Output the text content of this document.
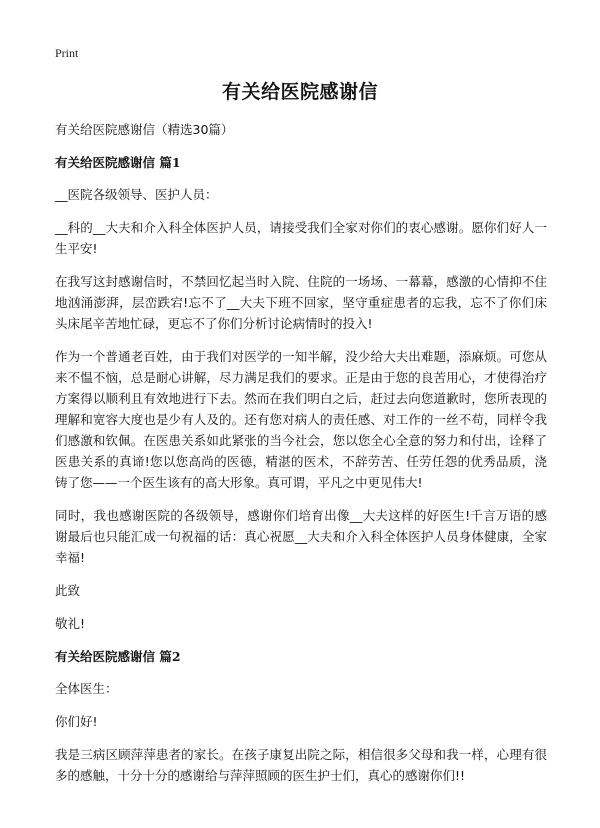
Print
有关给医院感谢信

有关给医院感谢信（精选30篇）

有关给医院感谢信 篇1

__医院各级领导、医护人员：

__科的__大夫和介入科全体医护人员，请接受我们全家对你们的衷心感谢。愿你们好人一生平安!

在我写这封感谢信时，不禁回忆起当时入院、住院的一场场、一幕幕，感激的心情抑不住地汹涌澎湃，层峦跌宕!忘不了__大夫下班不回家，坚守重症患者的忘我，忘不了你们床头床尾辛苦地忙碌，更忘不了你们分析讨论病情时的投入!

作为一个普通老百姓，由于我们对医学的一知半解，没少给大夫出难题，添麻烦。可您从来不愠不恼，总是耐心讲解，尽力满足我们的要求。正是由于您的良苦用心，才使得治疗方案得以顺利且有效地进行下去。然而在我们明白之后，赶过去向您道歉时，您所表现的理解和宽容大度也是少有人及的。还有您对病人的责任感、对工作的一丝不苟，同样令我们感激和钦佩。在医患关系如此紧张的当今社会，您以您全心全意的努力和付出，诠释了医患关系的真谛!您以您高尚的医德，精湛的医术，不辞劳苦、任劳任怨的优秀品质，浇铸了您——一个医生该有的高大形象。真可谓，平凡之中更见伟大!

同时，我也感谢医院的各级领导，感谢你们培育出像__大夫这样的好医生!千言万语的感谢最后也只能汇成一句祝福的话：真心祝愿__大夫和介入科全体医护人员身体健康，全家幸福!

此致

敬礼!

有关给医院感谢信 篇2

全体医生：

你们好!

我是三病区顾萍萍患者的家长。在孩子康复出院之际，相信很多父母和我一样，心理有很多的感触，十分十分的感谢给与萍萍照顾的医生护士们，真心的感谢你们!!
